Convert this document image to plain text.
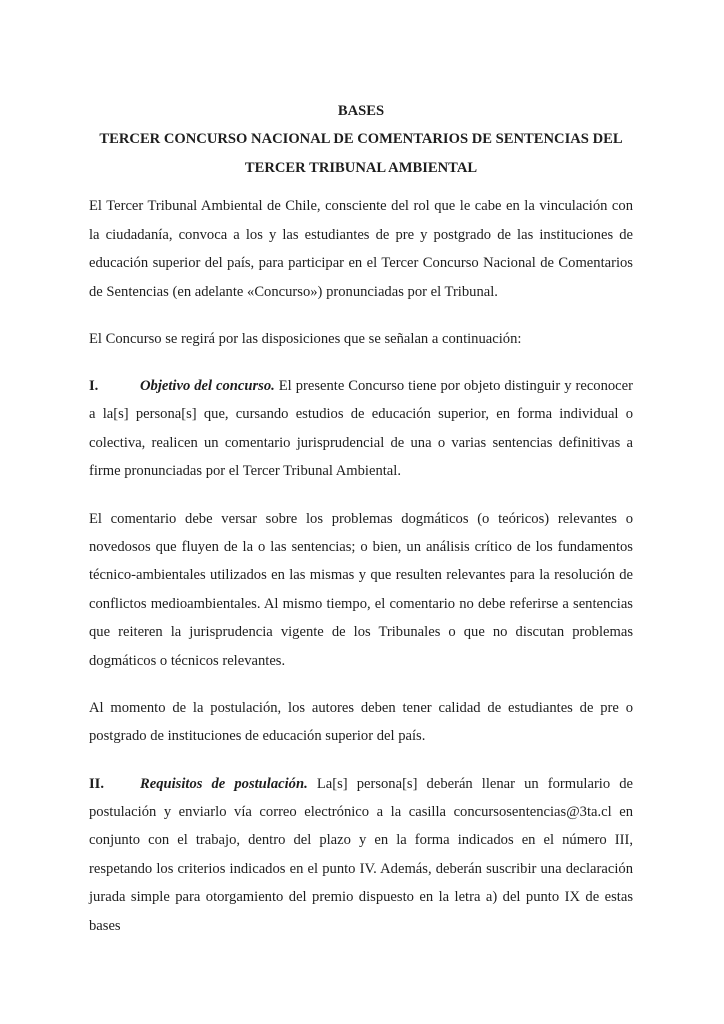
BASES
TERCER CONCURSO NACIONAL DE COMENTARIOS DE SENTENCIAS DEL
TERCER TRIBUNAL AMBIENTAL

El Tercer Tribunal Ambiental de Chile, consciente del rol que le cabe en la vinculación con la ciudadanía, convoca a los y las estudiantes de pre y postgrado de las instituciones de educación superior del país, para participar en el Tercer Concurso Nacional de Comentarios de Sentencias (en adelante «Concurso») pronunciadas por el Tribunal.

El Concurso se regirá por las disposiciones que se señalan a continuación:

I.	Objetivo del concurso. El presente Concurso tiene por objeto distinguir y reconocer a la[s] persona[s] que, cursando estudios de educación superior, en forma individual o colectiva, realicen un comentario jurisprudencial de una o varias sentencias definitivas a firme pronunciadas por el Tercer Tribunal Ambiental.

El comentario debe versar sobre los problemas dogmáticos (o teóricos) relevantes o novedosos que fluyen de la o las sentencias; o bien, un análisis crítico de los fundamentos técnico-ambientales utilizados en las mismas y que resulten relevantes para la resolución de conflictos medioambientales. Al mismo tiempo, el comentario no debe referirse a sentencias que reiteren la jurisprudencia vigente de los Tribunales o que no discutan problemas dogmáticos o técnicos relevantes.

Al momento de la postulación, los autores deben tener calidad de estudiantes de pre o postgrado de instituciones de educación superior del país.

II. Requisitos de postulación. La[s] persona[s] deberán llenar un formulario de postulación y enviarlo vía correo electrónico a la casilla concursosentencias@3ta.cl en conjunto con el trabajo, dentro del plazo y en la forma indicados en el número III, respetando los criterios indicados en el punto IV. Además, deberán suscribir una declaración jurada simple para otorgamiento del premio dispuesto en la letra a) del punto IX de estas bases
